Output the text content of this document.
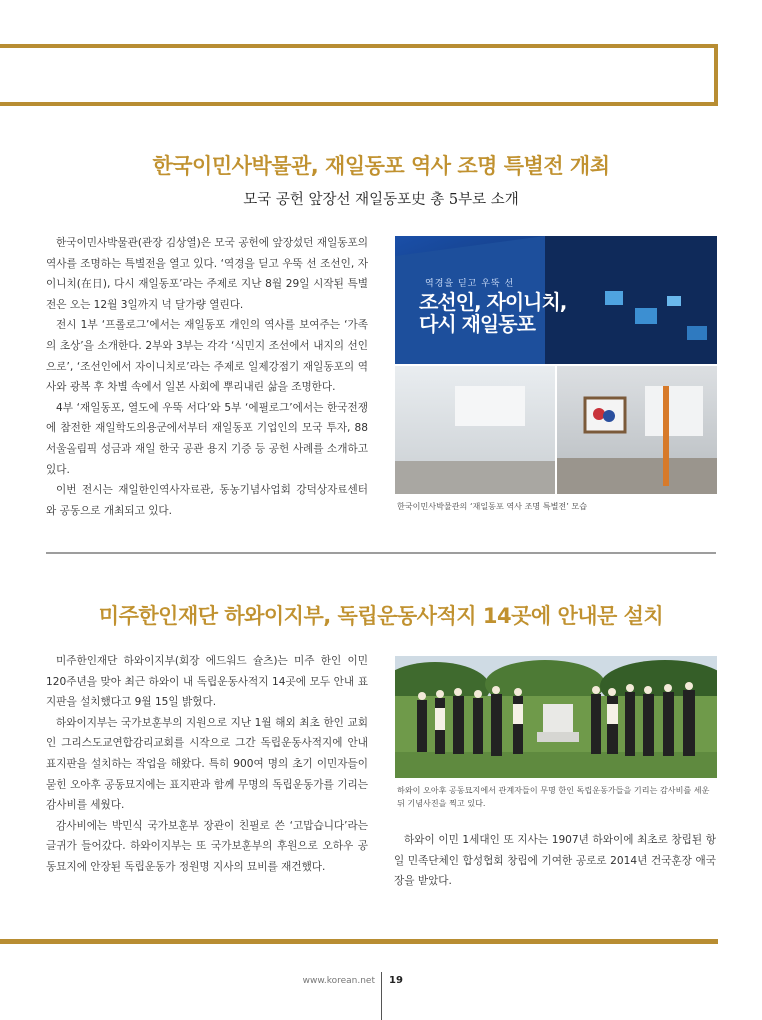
한국이민사박물관, 재일동포 역사 조명 특별전 개최
모국 공헌 앞장선 재일동포史 총 5부로 소개

한국이민사박물관(관장 김상열)은 모국 공헌에 앞장섰던 재일동포의 역사를 조명하는 특별전을 열고 있다. ‘역경을 딛고 우뚝 선 조선인, 자이니치(在日), 다시 재일동포’라는 주제로 지난 8월 29일 시작된 특별전은 오는 12월 3일까지 넉 달가량 열린다.

전시 1부 ‘프롤로그’에서는 재일동포 개인의 역사를 보여주는 ‘가족의 초상’을 소개한다. 2부와 3부는 각각 ‘식민지 조선에서 내지의 선인으로’, ‘조선인에서 자이니치로’라는 주제로 일제강점기 재일동포의 역사와 광복 후 차별 속에서 일본 사회에 뿌리내린 삶을 조명한다.

4부 ‘재일동포, 열도에 우뚝 서다’와 5부 ‘에필로그’에서는 한국전쟁에 참전한 재일학도의용군에서부터 재일동포 기업인의 모국 투자, 88 서울올림픽 성금과 재일 한국 공관 용지 기증 등 공헌 사례를 소개하고 있다.

이번 전시는 재일한인역사자료관, 동농기념사업회 강덕상자료센터와 공동으로 개최되고 있다.

역경을 딛고 우뚝 선
조선인, 자이니치,
다시 재일동포
한국이민사박물관의 ‘재일동포 역사 조명 특별전’ 모습
미주한인재단 하와이지부, 독립운동사적지 14곳에 안내문 설치

미주한인재단 하와이지부(회장 에드워드 슐츠)는 미주 한인 이민 120주년을 맞아 최근 하와이 내 독립운동사적지 14곳에 모두 안내 표지판을 설치했다고 9월 15일 밝혔다.

하와이지부는 국가보훈부의 지원으로 지난 1월 해외 최초 한인 교회인 그리스도교연합감리교회를 시작으로 그간 독립운동사적지에 안내 표지판을 설치하는 작업을 해왔다. 특히 900여 명의 초기 이민자들이 묻힌 오아후 공동묘지에는 표지판과 함께 무명의 독립운동가를 기리는 감사비를 세웠다.

감사비에는 박민식 국가보훈부 장관이 친필로 쓴 ‘고맙습니다’라는 글귀가 들어갔다. 하와이지부는 또 국가보훈부의 후원으로 오하우 공동묘지에 안장된 독립운동가 정원명 지사의 묘비를 재건했다.

하와이 오아후 공동묘지에서 관계자들이 무명 한인 독립운동가들을 기리는 감사비를 세운 뒤 기념사진을 찍고 있다.

하와이 이민 1세대인 또 지사는 1907년 하와이에 최초로 창립된 항일 민족단체인 합성협회 창립에 기여한 공로로 2014년 건국훈장 애국장을 받았다.

www.korean.net 19
